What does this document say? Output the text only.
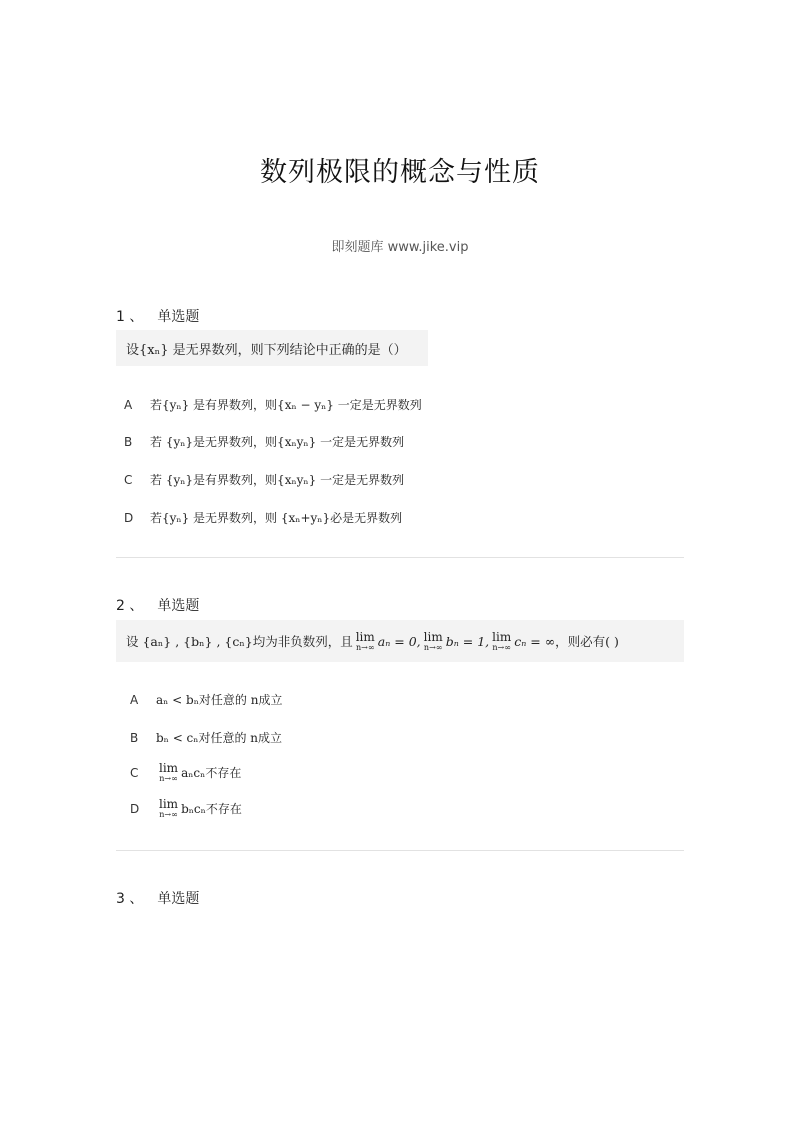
数列极限的概念与性质
即刻题库 www.jike.vip
1 、 单选题
设{xₙ} 是无界数列，则下列结论中正确的是（）
A	若{yₙ} 是有界数列，则{xₙ − yₙ} 一定是无界数列
B	若 {yₙ}是无界数列，则{xₙyₙ} 一定是无界数列
C	若 {yₙ}是有界数列，则{xₙyₙ} 一定是无界数列
D	若{yₙ} 是无界数列，则 {xₙ+yₙ}必是无界数列
2 、 单选题
设 {aₙ} , {bₙ} , {cₙ}均为非负数列，且 lim
n→∞ aₙ = 0, lim
n→∞ bₙ = 1, lim
n→∞ cₙ = ∞ ，则必有( )
A	aₙ < bₙ对任意的 n成立
B	bₙ < cₙ对任意的 n成立
C	lim
n→∞ aₙcₙ不存在
D	lim
n→∞ bₙcₙ不存在
3 、 单选题
